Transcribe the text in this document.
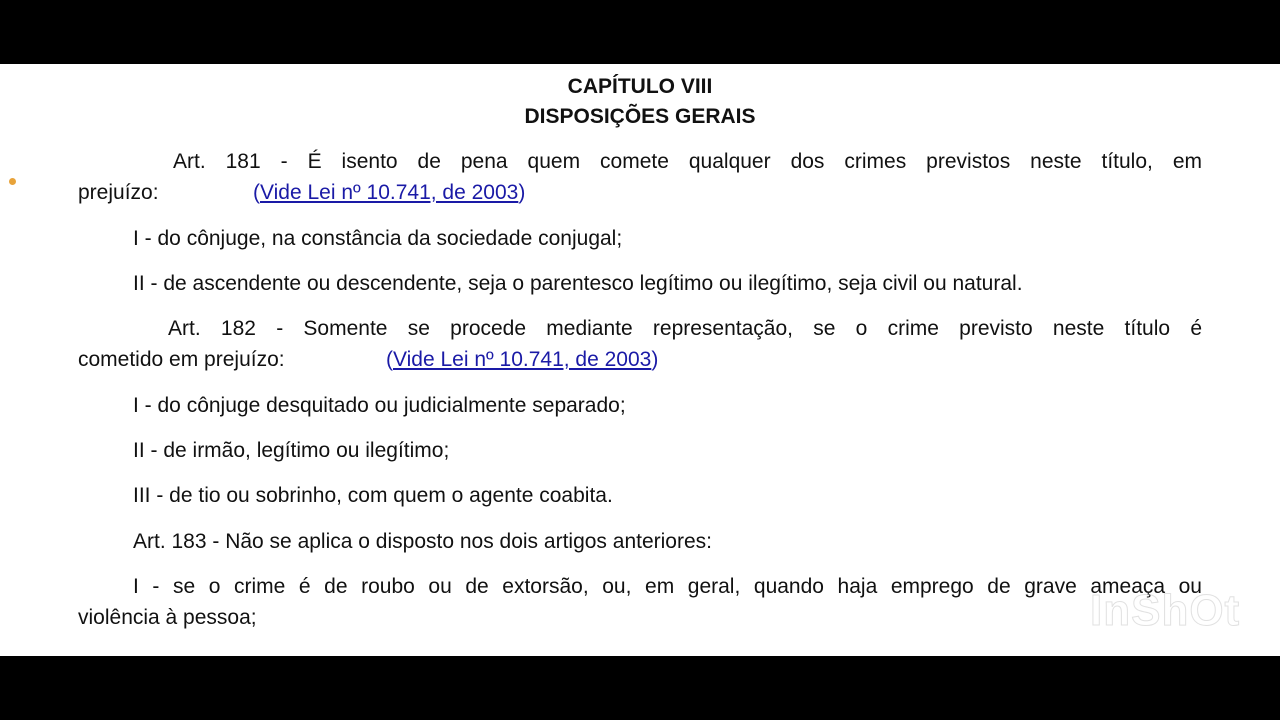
CAPÍTULO VIII
DISPOSIÇÕES GERAIS
Art. 181 - É isento de pena quem comete qualquer dos crimes previstos neste título, em
prejuízo:	(Vide Lei nº 10.741, de 2003)
I - do cônjuge, na constância da sociedade conjugal;
II - de ascendente ou descendente, seja o parentesco legítimo ou ilegítimo, seja civil ou natural.
Art. 182 - Somente se procede mediante representação, se o crime previsto neste título é
cometido em prejuízo:	(Vide Lei nº 10.741, de 2003)
I - do cônjuge desquitado ou judicialmente separado;
II - de irmão, legítimo ou ilegítimo;
III - de tio ou sobrinho, com quem o agente coabita.
Art. 183 - Não se aplica o disposto nos dois artigos anteriores:
I - se o crime é de roubo ou de extorsão, ou, em geral, quando haja emprego de grave ameaça ou
violência à pessoa;	InShOt
